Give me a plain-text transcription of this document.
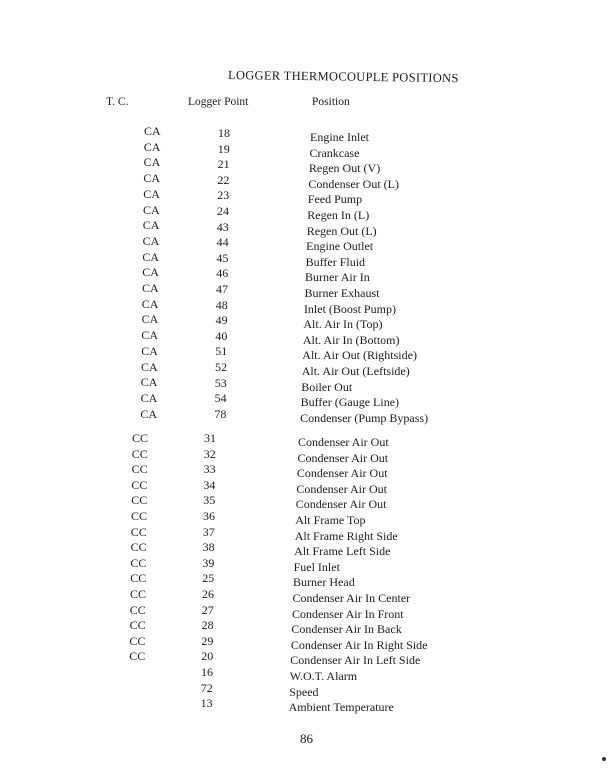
LOGGER THERMOCOUPLE POSITIONS
T. C.	Logger Point	Position
CA
CA
CA
CA
CA
CA
CA
CA
CA
CA
CA
CA
CA
CA
CA
CA
CA
CA
CA
CC
CC
CC
CC
CC
CC
CC
CC
CC
CC
CC
CC
CC
CC
CC
18
19
21
22
23
24
43
44
45
46
47
48
49
40
51
52
53
54
78
31
32
33
34
35
36
37
38
39
25
26
27
28
29
20
16
72
13
Engine Inlet
Crankcase
Regen Out (V)
Condenser Out (L)
Feed Pump
Regen In (L)
Regen Out (L)
Engine Outlet
Buffer Fluid
Burner Air In
Burner Exhaust
Inlet (Boost Pump)
Alt. Air In (Top)
Alt. Air In (Bottom)
Alt. Air Out (Rightside)
Alt. Air Out (Leftside)
Boiler Out
Buffer (Gauge Line)
Condenser (Pump Bypass)
Condenser Air Out
Condenser Air Out
Condenser Air Out
Condenser Air Out
Condenser Air Out
Alt Frame Top
Alt Frame Right Side
Alt Frame Left Side
Fuel Inlet
Burner Head
Condenser Air In Center
Condenser Air In Front
Condenser Air In Back
Condenser Air In Right Side
Condenser Air In Left Side
W.O.T. Alarm
Speed
Ambient Temperature
86
